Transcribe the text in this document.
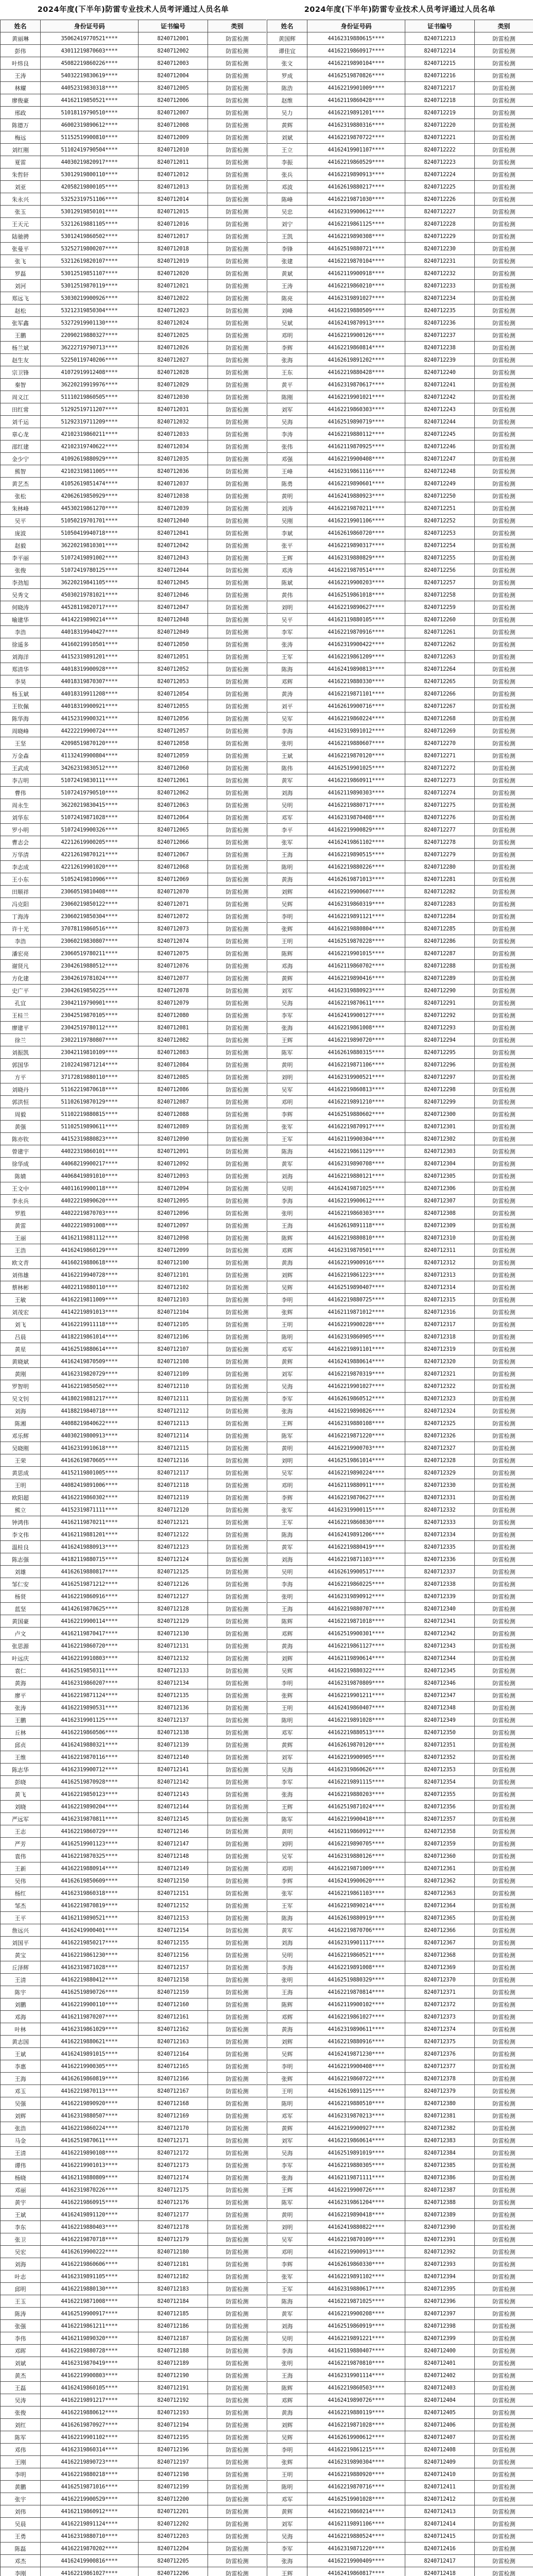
2024年度(下半年)防雷专业技术人员考评通过人员名单
姓名	身份证号码	证书编号	类别
黄丽琳	35062419770521****	8240712001	防雷检测
彭伟	43011219870603****	8240712002	防雷检测
叶炜良	45082219860226****	8240712003	防雷检测
王涛	54032219830619****	8240712004	防雷检测
林耀	44052319830318****	8240712005	防雷检测
廖俊豪	44162119850521****	8240712006	防雷检测
邢政	51018119790510****	8240712007	防雷检测
陈德万	46002319890612****	8240712008	防雷检测
梅远	51152519900810****	8240712009	防雷检测
刘红刚	51102419790504****	8240712010	防雷检测
夏雷	44030219820917****	8240712011	防雷检测
朱哲轩	53012919800110****	8240712012	防雷检测
刘亚	42058219800105****	8240712013	防雷检测
朱永兴	53252319751106****	8240712014	防雷检测
张玉	53012919850101****	8240712015	防雷检测
王天元	53212619881105****	8240712016	防雷检测
陆驰骋	53012419860502****	8240712017	防雷检测
张曼平	53252719800207****	8240712018	防雷检测
张飞	53212619820107****	8240712019	防雷检测
罗磊	53012519851107****	8240712020	防雷检测
刘河	53012519870119****	8240712021	防雷检测
郑远飞	53030219900926****	8240712022	防雷检测
赵松	53212319850304****	8240712023	防雷检测
张军鑫	53272919901130****	8240712024	防雷检测
王鹏	22090219880327****	8240712025	防雷检测
杨兰斌	36222719790713****	8240712026	防雷检测
赵生友	52250119740206****	8240712027	防雷检测
宗卫锋	41072919912408****	8240712028	防雷检测
秦智	36220219919976****	8240712029	防雷检测
周义江	51110219860505****	8240712030	防雷检测
田红常	51292519711207****	8240712031	防雷检测
刘千运	51292319711209****	8240712032	防雷检测
章心龙	42102319860211****	8240712033	防雷检测
邵红建	42102319740622****	8240712034	防雷检测
金少宁	41092619880929****	8240712035	防雷检测
熊智	42102319811005****	8240712036	防雷检测
黄艺杰	41052619851474****	8240712037	防雷检测
张松	42062619850929****	8240712038	防雷检测
朱林峰	44530219861270****	8240712039	防雷检测
吴平	51050219701701****	8240712040	防雷检测
庞波	51050419940718****	8240712041	防雷检测
赵毅	36220219810301****	8240712042	防雷检测
李平丽	51072419891002****	8240712043	防雷检测
张俊	51072419780125****	8240712044	防雷检测
李劲旭	36220219841105****	8240712045	防雷检测
吴秀文	45030219781021****	8240712046	防雷检测
何晓涛	44528119820717****	8240712047	防雷检测
喻建华	44142219890214****	8240712048	防雷检测
李浩	44018319940427****	8240712049	防雷检测
徐遥多	44160219910501****	8240712050	防雷检测
刘海洋	44152319891201****	8240712051	防雷检测
郑清华	44018319900928****	8240712052	防雷检测
李昊	44018319870307****	8240712053	防雷检测
杨玉斌	44018319911208****	8240712054	防雷检测
王钦佩	44018319900921****	8240712055	防雷检测
陈华海	44152319900321****	8240712056	防雷检测
周晓峰	44222219900724****	8240712057	防雷检测
王坚	42098519870120****	8240712058	防雷检测
万金森	41132419900804****	8240712059	防雷检测
王武成	34262319830512****	8240712060	防雷检测
李吉明	51072419830111****	8240712061	防雷检测
曹伟	51072419790510****	8240712062	防雷检测
周永生	36220219830415****	8240712063	防雷检测
刘华东	51072419871028****	8240712064	防雷检测
罗小明	51072419900326****	8240712065	防雷检测
曹志会	42212619900205****	8240712066	防雷检测
万华清	42212619870121****	8240712067	防雷检测
李志成	42212619901020****	8240712068	防雷检测
王小东	51052419810906****	8240712069	防雷检测
田顺祥	23060519810408****	8240712070	防雷检测
冯克阳	23060219850122****	8240712071	防雷检测
丁海涛	23060219850304****	8240712072	防雷检测
许十光	37078119860516****	8240712073	防雷检测
李浩	23060219830807****	8240712074	防雷检测
潘宏亮	23060519780211****	8240712075	防雷检测
谢贤凡	23042619880512****	8240712076	防雷检测
方化建	23042619781024****	8240712077	防雷检测
史广平	23042619850225****	8240712078	防雷检测
孔宜	23042119790901****	8240712079	防雷检测
王桂兰	23042519870105****	8240712080	防雷检测
廖建平	23042519780112****	8240712081	防雷检测
徐兰	23022119780807****	8240712082	防雷检测
刘振凯	23042119810109****	8240712083	防雷检测
郭国华	21022419871214****	8240712084	防雷检测
方平	37172819880110****	8240712085	防雷检测
刘晓丹	51162219870618****	8240712086	防雷检测
郭洪恒	51102619870129****	8240712087	防雷检测
周毅	51102219880815****	8240712088	防雷检测
黄强	51102519890611****	8240712089	防雷检测
陈亦钦	44152319880823****	8240712090	防雷检测
曾建宇	44022319860101****	8240712091	防雷检测
徐华成	44068219900217****	8240712092	防雷检测
陈婧	44068419891010****	8240712093	防雷检测
王文中	44011619900118****	8240712094	防雷检测
李永兵	44022219890620****	8240712095	防雷检测
罗胜	44022219870703****	8240712096	防雷检测
黄雷	44022219891008****	8240712097	防雷检测
王丽	44162119881112****	8240712098	防雷检测
王浩	44162419860129****	8240712099	防雷检测
欧文青	44160219880618****	8240712100	防雷检测
刘伟雄	44162219940728****	8240712101	防雷检测
蔡林彬	44022119880110****	8240712102	防雷检测
王敏	44162219811009****	8240712103	防雷检测
刘茂宏	44142219891013****	8240712104	防雷检测
刘飞	44162219911118****	8240712105	防雷检测
吕晨	44182219861014****	8240712106	防雷检测
黄星	44162519880614****	8240712107	防雷检测
黄晓斌	44162419870509****	8240712108	防雷检测
黄刚	44162319820729****	8240712109	防雷检测
罗智明	44162219850502****	8240712110	防雷检测
吴文钊	44180219881217****	8240712111	防雷检测
刘海	44188219840718****	8240712112	防雷检测
陈湘	44088219840622****	8240712113	防雷检测
邓乐辉	44030219800913****	8240712114	防雷检测
吴晓刚	44162319910618****	8240712115	防雷检测
王荣	44162619870605****	8240712116	防雷检测
黄思成	44152119801005****	8240712117	防雷检测
王明	44082419891006****	8240712118	防雷检测
欧阳超	44162219860302****	8240712119	防雷检测
熊立	44152319871111****	8240712120	防雷检测
钟鸿伟	44162119870211****	8240712121	防雷检测
李文伟	44162119881201****	8240712122	防雷检测
温桂良	44162419880913****	8240712123	防雷检测
陈志强	44182119880715****	8240712124	防雷检测
刘雄	44162619880817****	8240712125	防雷检测
邹仁安	44162519871212****	8240712126	防雷检测
杨贤	44162219860916****	8240712127	防雷检测
蓝坚	44142619870625****	8240712128	防雷检测
黄国豪	44162219900114****	8240712129	防雷检测
卢文	44162119870417****	8240712130	防雷检测
张思源	44162219860720****	8240712131	防雷检测
叶远庆	44162219910803****	8240712132	防雷检测
袁仁	44162519850311****	8240712133	防雷检测
黄海	44162319860207****	8240712134	防雷检测
廖平	44162219871124****	8240712135	防雷检测
张涛	44162219890531****	8240712136	防雷检测
王鹏	44162319901125****	8240712137	防雷检测
丘林	44162219860506****	8240712138	防雷检测
邱贞	44162419880321****	8240712139	防雷检测
王维	44162219870116****	8240712140	防雷检测
陈志华	44162319900712****	8240712141	防雷检测
彭晓	44162519870928****	8240712142	防雷检测
黄飞	44162219850123****	8240712143	防雷检测
刘晓	44162219890204****	8240712144	防雷检测
严远军	44162319870811****	8240712145	防雷检测
王志	44162219860729****	8240712146	防雷检测
严芳	44162519901123****	8240712147	防雷检测
袁伟	44162219870325****	8240712148	防雷检测
王新	44162219880914****	8240712149	防雷检测
吴伟	44162619850609****	8240712150	防雷检测
杨红	44162319860318****	8240712151	防雷检测
邹杰	44162219870819****	8240712152	防雷检测
王平	44162119890521****	8240712153	防雷检测
詹远兴	44162419900401****	8240712154	防雷检测
刘国平	44162219850217****	8240712155	防雷检测
黄宝	44162219861230****	8240712156	防雷检测
丘泽辉	44162319871028****	8240712157	防雷检测
王清	44162219880412****	8240712158	防雷检测
陈宇	44162519890726****	8240712159	防雷检测
刘鹏	44162219900110****	8240712160	防雷检测
邓海	44162119870207****	8240712161	防雷检测
叶林	44162319861029****	8240712162	防雷检测
黄志国	44162219880621****	8240712163	防雷检测
王斌	44162419891015****	8240712164	防雷检测
李惠	44162219900305****	8240712165	防雷检测
王海	44162619860819****	8240712166	防雷检测
邓玉	44162219870113****	8240712167	防雷检测
吴强	44162219890920****	8240712168	防雷检测
刘辉	44162319880507****	8240712169	防雷检测
张浩	44162219860224****	8240712170	防雷检测
马金	44162519870611****	8240712171	防雷检测
王清	44162219890108****	8240712172	防雷检测
谭伟	44162219901013****	8240712173	防雷检测
杨晓	44162119880809****	8240712174	防雷检测
邓丽	44162319870226****	8240712175	防雷检测
黄宇	44162219860915****	8240712176	防雷检测
王斌	44162419891120****	8240712177	防雷检测
李东	44162219880403****	8240712178	防雷检测
张卫	44162219870718****	8240712179	防雷检测
吴宏	44162619900222****	8240712180	防雷检测
刘海	44162219860606****	8240712181	防雷检测
叶志	44162319891105****	8240712182	防雷检测
邱明	44162219880130****	8240712183	防雷检测
王玉	44162219871008****	8240712184	防雷检测
陈涛	44162519900917****	8240712185	防雷检测
张强	44162219861211****	8240712186	防雷检测
李伟	44162119890320****	8240712187	防雷检测
邓晖	44162219880728****	8240712188	防雷检测
刘斌	44162319870419****	8240712189	防雷检测
黄杰	44162219900803****	8240712190	防雷检测
王磊	44162419860105****	8240712191	防雷检测
吴涛	44162219891217****	8240712192	防雷检测
张俊	44162219880612****	8240712193	防雷检测
刘红	44162619870927****	8240712194	防雷检测
陈军	44162219901102****	8240712195	防雷检测
邓伟	44162319860314****	8240712196	防雷检测
王刚	44162219890723****	8240712197	防雷检测
李明	44162219880218****	8240712198	防雷检测
黄鹏	44162519871016****	8240712199	防雷检测
张宇	44162219900529****	8240712200	防雷检测
刘伟	44162119860912****	8240712201	防雷检测
吴晨	44162219891124****	8240712202	防雷检测
王勇	44162319880710****	8240712203	防雷检测
陈磊	44162219870202****	8240712204	防雷检测
邓杰	44162419900816****	8240712205	防雷检测
李刚	44162219861027****	8240712206	防雷检测

2024年度(下半年)防雷专业技术人员考评通过人员名单
姓名	身份证号码	证书编号	类别
黄国辉	44162319880615****	8240712213	防雷检测
谭佳宜	44162219860917****	8240712214	防雷检测
张文	44162219890104****	8240712215	防雷检测
罗成	44162519870826****	8240712216	防雷检测
陈浩	44162219901009****	8240712217	防雷检测
赵维	44162119860428****	8240712218	防雷检测
吴力	44162219891201****	8240712219	防雷检测
黄辉	44162319880316****	8240712220	防雷检测
刘斌	44162219870722****	8240712221	防雷检测
王立	44162419901107****	8240712222	防雷检测
李振	44162219860529****	8240712223	防雷检测
张兵	44162219890913****	8240712224	防雷检测
邓波	44162619880217****	8240712225	防雷检测
陈峰	44162219871030****	8240712226	防雷检测
吴忠	44162319900612****	8240712227	防雷检测
刘宁	44162219861125****	8240712228	防雷检测
王凯	44162219890308****	8240712229	防雷检测
李锋	44162519880721****	8240712230	防雷检测
张建	44162219870104****	8240712231	防雷检测
黄斌	44162119900918****	8240712232	防雷检测
王涛	44162219860210****	8240712233	防雷检测
陈亮	44162319891027****	8240712234	防雷检测
刘峰	44162219880509****	8240712235	防雷检测
吴斌	44162419870913****	8240712236	防雷检测
邓明	44162219900126****	8240712237	防雷检测
李辉	44162219860814****	8240712238	防雷检测
张海	44162619891202****	8240712239	防雷检测
王东	44162219880428****	8240712240	防雷检测
黄平	44162319870617****	8240712241	防雷检测
陈刚	44162219901021****	8240712242	防雷检测
刘军	44162219860303****	8240712243	防雷检测
吴海	44162519890719****	8240712244	防雷检测
李涛	44162219880112****	8240712245	防雷检测
张伟	44162119870925****	8240712246	防雷检测
邓强	44162219900408****	8240712247	防雷检测
王峰	44162319861116****	8240712248	防雷检测
陈勇	44162219890601****	8240712249	防雷检测
黄明	44162419880923****	8240712250	防雷检测
刘涛	44162219870211****	8240712251	防雷检测
吴刚	44162219901106****	8240712252	防雷检测
李斌	44162619860720****	8240712253	防雷检测
张平	44162219890317****	8240712254	防雷检测
王辉	44162319880829****	8240712255	防雷检测
邓涛	44162219870514****	8240712256	防雷检测
陈斌	44162219900203****	8240712257	防雷检测
黄伟	44162519861018****	8240712258	防雷检测
刘明	44162219890627****	8240712259	防雷检测
吴平	44162119880105****	8240712260	防雷检测
李军	44162219870916****	8240712261	防雷检测
张涛	44162319900422****	8240712262	防雷检测
王军	44162219861209****	8240712263	防雷检测
陈海	44162419890813****	8240712264	防雷检测
邓辉	44162219880330****	8240712265	防雷检测
黄涛	44162219871101****	8240712266	防雷检测
刘平	44162619900716****	8240712267	防雷检测
吴军	44162219860224****	8240712268	防雷检测
李海	44162319891012****	8240712269	防雷检测
张明	44162219880607****	8240712270	防雷检测
王斌	44162219870120****	8240712271	防雷检测
陈伟	44162519901025****	8240712272	防雷检测
黄军	44162219860911****	8240712273	防雷检测
刘海	44162119890303****	8240712274	防雷检测
吴明	44162219880717****	8240712275	防雷检测
邓军	44162319870408****	8240712276	防雷检测
李平	44162219900829****	8240712277	防雷检测
张军	44162419861102****	8240712278	防雷检测
王海	44162219890515****	8240712279	防雷检测
陈明	44162219880226****	8240712280	防雷检测
黄海	44162619871013****	8240712281	防雷检测
刘辉	44162219900607****	8240712282	防雷检测
吴辉	44162319860319****	8240712283	防雷检测
李明	44162219891121****	8240712284	防雷检测
张辉	44162219880804****	8240712285	防雷检测
王明	44162519870228****	8240712286	防雷检测
陈辉	44162219901015****	8240712287	防雷检测
邓海	44162119860702****	8240712288	防雷检测
黄辉	44162219890416****	8240712289	防雷检测
刘军	44162319880923****	8240712290	防雷检测
吴海	44162219870611****	8240712291	防雷检测
李军	44162419900127****	8240712292	防雷检测
张海	44162219861008****	8240712293	防雷检测
王辉	44162219890720****	8240712294	防雷检测
陈军	44162619880315****	8240712295	防雷检测
黄明	44162219871106****	8240712296	防雷检测
刘明	44162319900521****	8240712297	防雷检测
吴军	44162219860813****	8240712298	防雷检测
邓明	44162219891210****	8240712299	防雷检测
李辉	44162519880602****	8240712300	防雷检测
张军	44162219870917****	8240712301	防雷检测
王军	44162119900304****	8240712302	防雷检测
陈海	44162219861129****	8240712303	防雷检测
黄军	44162319890708****	8240712304	防雷检测
刘海	44162219880121****	8240712305	防雷检测
吴明	44162419871025****	8240712306	防雷检测
李海	44162219900612****	8240712307	防雷检测
张明	44162219860303****	8240712308	防雷检测
王海	44162619891118****	8240712309	防雷检测
陈辉	44162219880810****	8240712310	防雷检测
邓辉	44162319870501****	8240712311	防雷检测
黄海	44162219900916****	8240712312	防雷检测
刘辉	44162219861223****	8240712313	防雷检测
吴辉	44162519890407****	8240712314	防雷检测
李明	44162219880725****	8240712315	防雷检测
张辉	44162119871012****	8240712316	防雷检测
王明	44162219900228****	8240712317	防雷检测
陈明	44162319860905****	8240712318	防雷检测
邓军	44162219891101****	8240712319	防雷检测
黄辉	44162419880614****	8240712320	防雷检测
刘军	44162219870319****	8240712321	防雷检测
吴海	44162219901027****	8240712322	防雷检测
李军	44162619860512****	8240712323	防雷检测
张海	44162219890826****	8240712324	防雷检测
王辉	44162319880108****	8240712325	防雷检测
陈军	44162219871220****	8240712326	防雷检测
黄明	44162219900703****	8240712327	防雷检测
刘明	44162519861014****	8240712328	防雷检测
吴军	44162219890224****	8240712329	防雷检测
邓明	44162119880911****	8240712330	防雷检测
李辉	44162219870627****	8240712331	防雷检测
张军	44162319900115****	8240712332	防雷检测
王军	44162219860830****	8240712333	防雷检测
陈海	44162419891206****	8240712334	防雷检测
黄军	44162219880419****	8240712335	防雷检测
刘海	44162219871103****	8240712336	防雷检测
吴明	44162619900517****	8240712337	防雷检测
李海	44162219860225****	8240712338	防雷检测
张明	44162319890912****	8240712339	防雷检测
王海	44162219880707****	8240712340	防雷检测
陈辉	44162219871018****	8240712341	防雷检测
邓辉	44162519900301****	8240712342	防雷检测
黄海	44162219861127****	8240712343	防雷检测
刘辉	44162119890614****	8240712344	防雷检测
吴辉	44162219880322****	8240712345	防雷检测
李明	44162319870809****	8240712346	防雷检测
张辉	44162219901211****	8240712347	防雷检测
王明	44162419860407****	8240712348	防雷检测
陈明	44162219891028****	8240712349	防雷检测
邓军	44162219880513****	8240712350	防雷检测
黄辉	44162619870120****	8240712351	防雷检测
刘军	44162219900905****	8240712352	防雷检测
吴海	44162319860626****	8240712353	防雷检测
李军	44162219891115****	8240712354	防雷检测
张海	44162219880203****	8240712355	防雷检测
王辉	44162519871024****	8240712356	防雷检测
陈军	44162219900418****	8240712357	防雷检测
黄明	44162119860912****	8240712358	防雷检测
刘明	44162219890705****	8240712359	防雷检测
吴军	44162319880126****	8240712360	防雷检测
邓明	44162219871009****	8240712361	防雷检测
李辉	44162419900620****	8240712362	防雷检测
张军	44162219861103****	8240712363	防雷检测
王军	44162219890214****	8240712364	防雷检测
陈海	44162619880919****	8240712365	防雷检测
黄军	44162219870706****	8240712366	防雷检测
刘海	44162319901117****	8240712367	防雷检测
吴明	44162219860521****	8240712368	防雷检测
李海	44162219891008****	8240712369	防雷检测
张明	44162519880329****	8240712370	防雷检测
王海	44162219870814****	8240712371	防雷检测
陈辉	44162119900102****	8240712372	防雷检测
邓辉	44162219861027****	8240712373	防雷检测
黄海	44162319890611****	8240712374	防雷检测
刘辉	44162219880916****	8240712375	防雷检测
吴辉	44162419871230****	8240712376	防雷检测
李明	44162219900408****	8240712377	防雷检测
张辉	44162219860722****	8240712378	防雷检测
王明	44162619891125****	8240712379	防雷检测
陈明	44162219880510****	8240712380	防雷检测
邓军	44162319870213****	8240712381	防雷检测
黄辉	44162219900927****	8240712382	防雷检测
刘军	44162219860614****	8240712383	防雷检测
吴海	44162519891019****	8240712384	防雷检测
李军	44162219880305****	8240712385	防雷检测
张海	44162119871111****	8240712386	防雷检测
王辉	44162219900726****	8240712387	防雷检测
陈军	44162319861204****	8240712388	防雷检测
黄明	44162219890418****	8240712389	防雷检测
刘明	44162419880822****	8240712390	防雷检测
吴军	44162219870109****	8240712391	防雷检测
邓明	44162219900913****	8240712392	防雷检测
李辉	44162619860330****	8240712393	防雷检测
张军	44162219891102****	8240712394	防雷检测
王军	44162319880617****	8240712395	防雷检测
陈海	44162219871025****	8240712396	防雷检测
黄军	44162219900208****	8240712397	防雷检测
刘海	44162519860919****	8240712398	防雷检测
吴明	44162219891221****	8240712399	防雷检测
李海	44162119880407****	8240712400	防雷检测
张明	44162219870810****	8240712401	防雷检测
王海	44162319901114****	8240712402	防雷检测
陈辉	44162219860503****	8240712403	防雷检测
邓辉	44162419890726****	8240712404	防雷检测
黄海	44162219880119****	8240712405	防雷检测
刘辉	44162219871028****	8240712406	防雷检测
吴辉	44162619900612****	8240712407	防雷检测
李明	44162219861215****	8240712408	防雷检测
张辉	44162319890304****	8240712409	防雷检测
王明	44162219880920****	8240712410	防雷检测
陈明	44162219870716****	8240712411	防雷检测
邓军	44162519901028****	8240712412	防雷检测
黄辉	44162219860214****	8240712413	防雷检测
刘军	44162119891106****	8240712414	防雷检测
吴海	44162219880524****	8240712415	防雷检测
李军	44162319871220****	8240712416	防雷检测
张海	44162219900409****	8240712417	防雷检测
王辉	44162419860817****	8240712418	防雷检测
